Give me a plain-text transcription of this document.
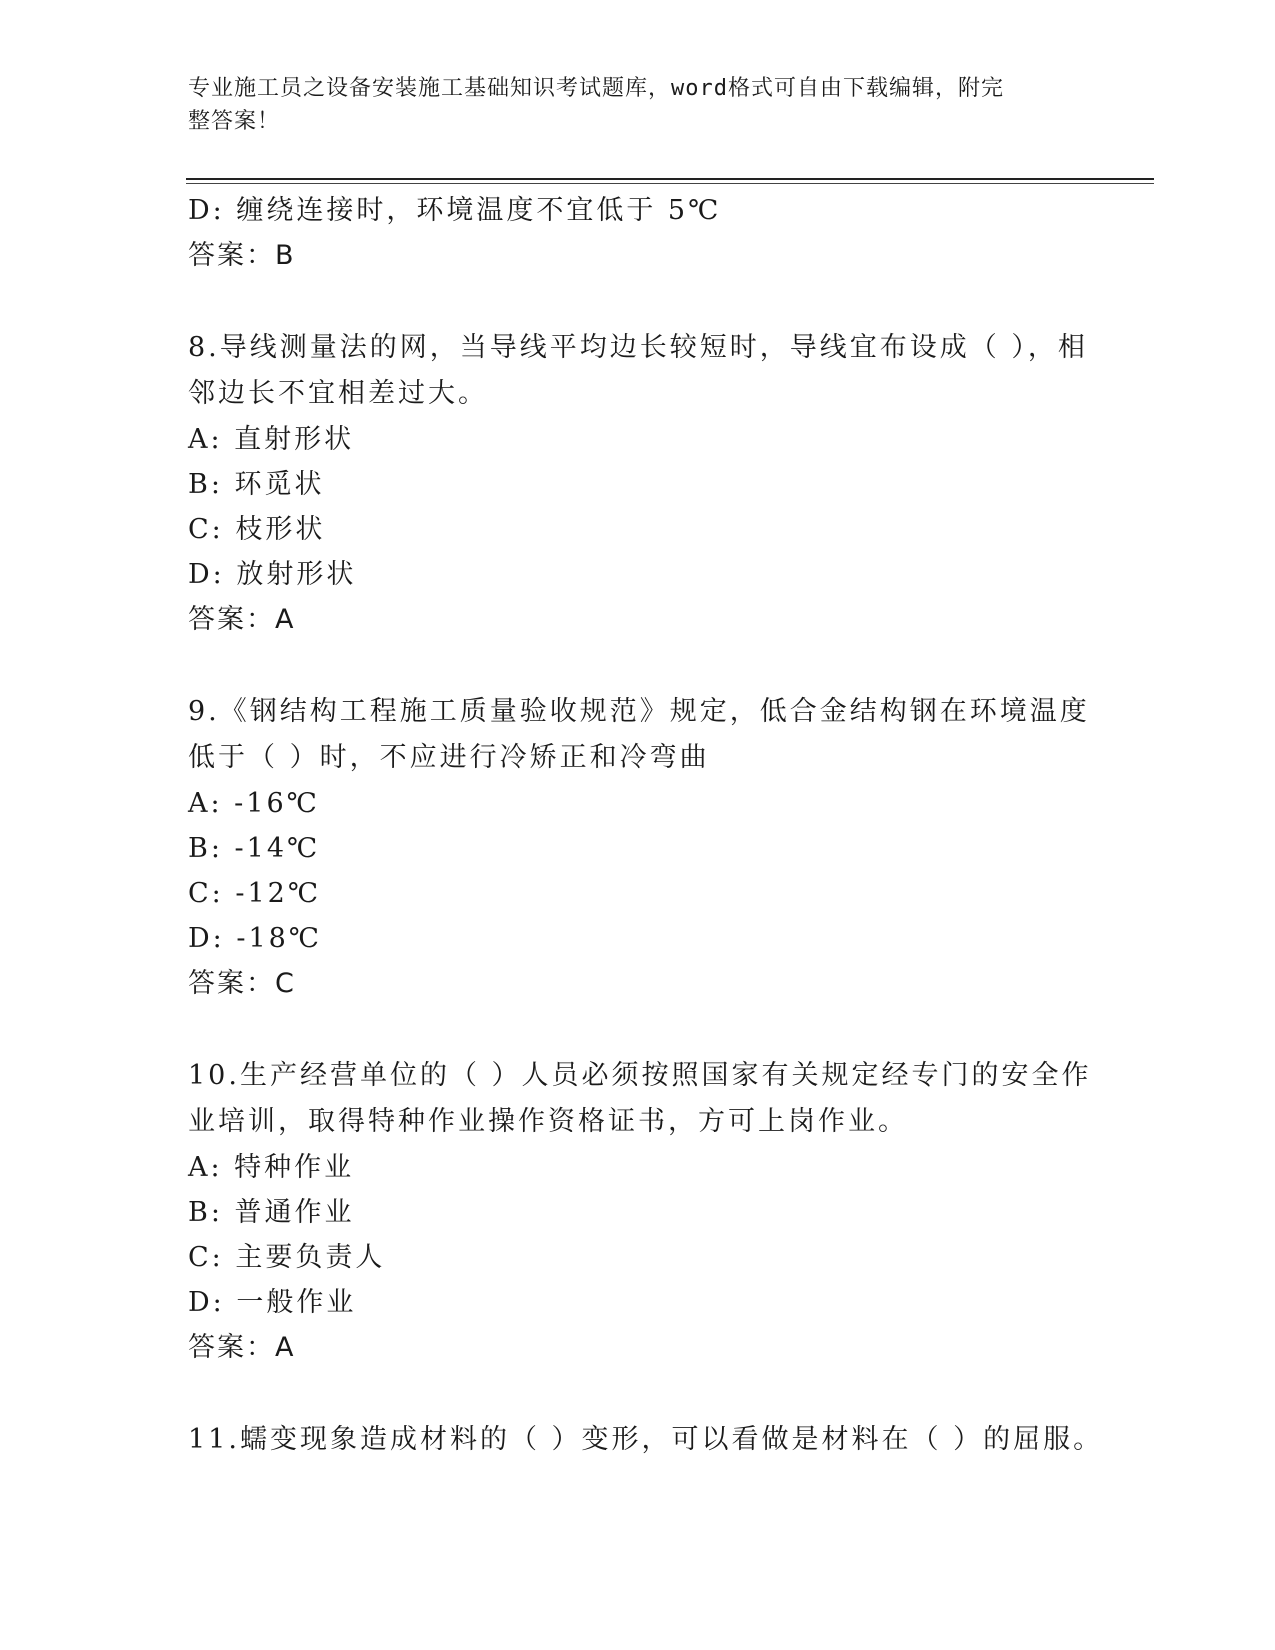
专业施工员之设备安装施工基础知识考试题库，word格式可自由下载编辑，附完
整答案！
D: 缠绕连接时，环境温度不宜低于 5℃
答案：B
8.导线测量法的网，当导线平均边长较短时，导线宜布设成（ ），相
邻边长不宜相差过大。
A: 直射形状
B: 环觅状
C: 枝形状
D: 放射形状
答案：A
9.《钢结构工程施工质量验收规范》规定，低合金结构钢在环境温度
低于（ ）时，不应进行冷矫正和冷弯曲
A: -16℃
B: -14℃
C: -12℃
D: -18℃
答案：C
10.生产经营单位的（ ）人员必须按照国家有关规定经专门的安全作
业培训，取得特种作业操作资格证书，方可上岗作业。
A: 特种作业
B: 普通作业
C: 主要负责人
D: 一般作业
答案：A
11.蠕变现象造成材料的（ ）变形，可以看做是材料在（ ）的屈服。
